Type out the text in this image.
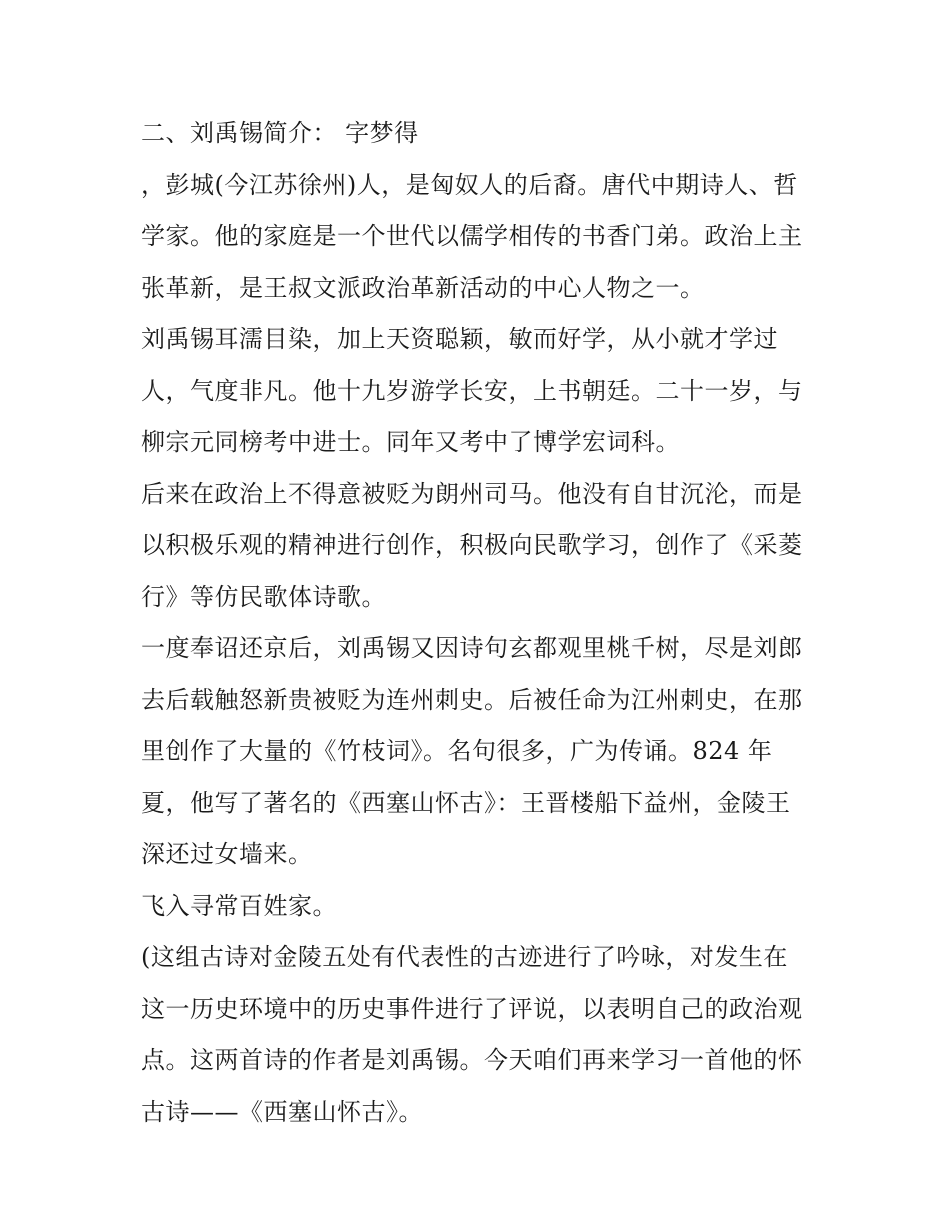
二、刘禹锡简介： 字梦得
，彭城(今江苏徐州)人，是匈奴人的后裔。唐代中期诗人、哲
学家。他的家庭是一个世代以儒学相传的书香门弟。政治上主
张革新，是王叔文派政治革新活动的中心人物之一。
刘禹锡耳濡目染，加上天资聪颖，敏而好学，从小就才学过
人，气度非凡。他十九岁游学长安，上书朝廷。二十一岁，与
柳宗元同榜考中进士。同年又考中了博学宏词科。
后来在政治上不得意被贬为朗州司马。他没有自甘沉沦，而是
以积极乐观的精神进行创作，积极向民歌学习，创作了《采菱
行》等仿民歌体诗歌。
一度奉诏还京后，刘禹锡又因诗句玄都观里桃千树，尽是刘郎
去后载触怒新贵被贬为连州刺史。后被任命为江州刺史，在那
里创作了大量的《竹枝词》。名句很多，广为传诵。824 年
夏，他写了著名的《西塞山怀古》：王晋楼船下益州，金陵王
深还过女墙来。
飞入寻常百姓家。
(这组古诗对金陵五处有代表性的古迹进行了吟咏，对发生在
这一历史环境中的历史事件进行了评说，以表明自己的政治观
点。这两首诗的作者是刘禹锡。今天咱们再来学习一首他的怀
古诗——《西塞山怀古》。
